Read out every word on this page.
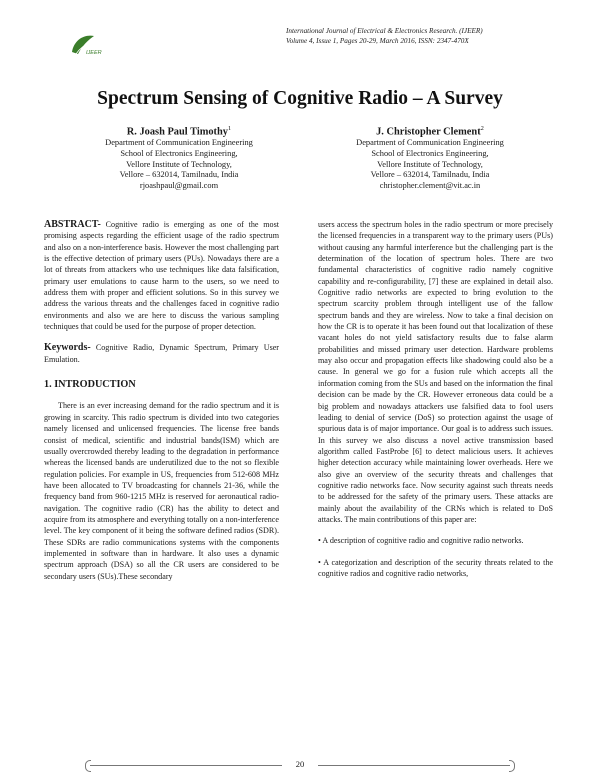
IJEER
International Journal of Electrical & Electronics Research. (IJEER)
Volume 4, Issue 1, Pages 20-29, March 2016, ISSN: 2347-470X
Spectrum Sensing of Cognitive Radio – A Survey
R. Joash Paul Timothy$^1$
Department of Communication Engineering
School of Electronics Engineering,
Vellore Institute of Technology,
Vellore – 632014, Tamilnadu, India
rjoashpaul@gmail.com
J. Christopher Clement$^2$
Department of Communication Engineering
School of Electronics Engineering,
Vellore Institute of Technology,
Vellore – 632014, Tamilnadu, India
christopher.clement@vit.ac.in

ABSTRACT- Cognitive radio is emerging as one of the most promising aspects regarding the efficient usage of the radio spectrum and also on a non-interference basis. However the most challenging part is the effective detection of primary users (PUs). Nowadays there are a lot of threats from attackers who use techniques like data falsification, primary user emulations to cause harm to the users, so we need to address them with proper and efficient solutions. So in this survey we address the various threats and the challenges faced in cognitive radio environments and also we are here to discuss the various sampling techniques that could be used for the purpose of proper detection.

Keywords- Cognitive Radio, Dynamic Spectrum, Primary User Emulation.

1. INTRODUCTION

There is an ever increasing demand for the radio spectrum and it is growing in scarcity. This radio spectrum is divided into two categories namely licensed and unlicensed frequencies. The license free bands consist of medical, scientific and industrial bands(ISM) which are usually overcrowded thereby leading to the degradation in performance whereas the licensed bands are underutilized due to the not so flexible regulation policies. For example in US, frequencies from 512-608 MHz have been allocated to TV broadcasting for channels 21-36, while the frequency band from 960-1215 MHz is reserved for aeronautical radio-navigation. The cognitive radio (CR) has the ability to detect and acquire from its atmosphere and everything totally on a non-interference level. The key component of it being the software defined radios (SDR). These SDRs are radio communications systems with the components implemented in software than in hardware. It also uses a dynamic spectrum approach (DSA) so all the CR users are considered to be secondary users (SUs).These secondary

users access the spectrum holes in the radio spectrum or more precisely the licensed frequencies in a transparent way to the primary users (PUs) without causing any harmful interference but the challenging part is the determination of the location of spectrum holes. There are two fundamental characteristics of cognitive radio namely cognitive capability and re-configurability, [7] these are explained in detail also. Cognitive radio networks are expected to bring evolution to the spectrum scarcity problem through intelligent use of the fallow spectrum bands and they are wireless. Now to take a final decision on how the CR is to operate it has been found out that localization of these vacant holes do not yield satisfactory results due to false alarm probabilities and missed primary user detection. Hardware problems may also occur and propagation effects like shadowing could also be a cause. In general we go for a fusion rule which accepts all the information coming from the SUs and based on the information the final decision can be made by the CR. However erroneous data could be a big problem and nowadays attackers use falsified data to fool users leading to denial of service (DoS) so protection against the usage of spurious data is of major importance. Our goal is to address such issues. In this survey we also discuss a novel active transmission based algorithm called FastProbe [6] to detect malicious users. It achieves higher detection accuracy while maintaining lower overheads. Here we also give an overview of the security threats and challenges that cognitive radio networks face. Now security against such threats needs to be addressed for the safety of the primary users. These attacks are mainly about the availability of the CRNs which is related to DoS attacks. The main contributions of this paper are:

• A description of cognitive radio and cognitive radio networks.

• A categorization and description of the security threats related to the cognitive radios and cognitive radio networks,

20
